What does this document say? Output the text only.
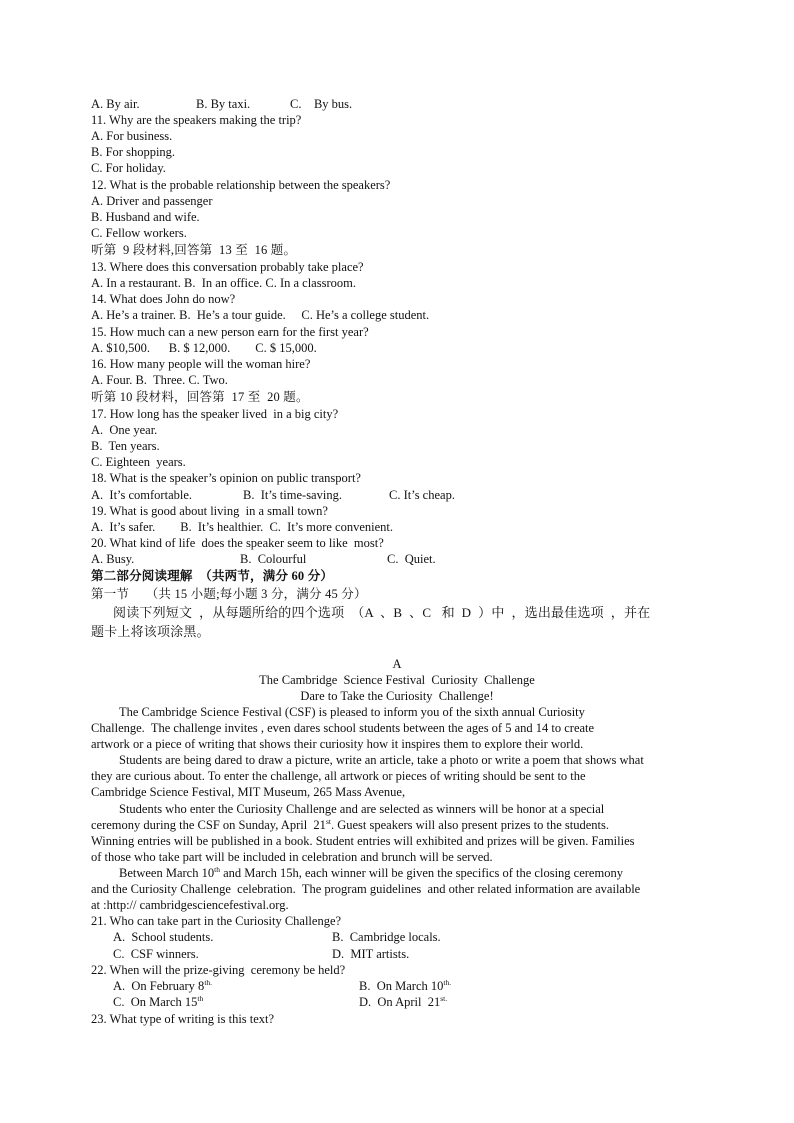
A. By air.	B. By taxi.	C.    By bus.
11. Why are the speakers making the trip?
A. For business.
B. For shopping.
C. For holiday.
12. What is the probable relationship between the speakers?
A. Driver and passenger
B. Husband and wife.
C. Fellow workers.
听第  9 段材料,回答第  13 至  16 题。
13. Where does this conversation probably take place?
A. In a restaurant. B.  In an office. C. In a classroom.
14. What does John do now?
A. He’s a trainer. B.  He’s a tour guide.     C. He’s a college student.
15. How much can a new person earn for the first year?
A. $10,500.      B. $ 12,000.        C. $ 15,000.
16. How many people will the woman hire?
A. Four. B.  Three. C. Two.
听第 10 段材料，回答第  17 至  20 题。
17. How long has the speaker lived  in a big city?
A.  One year.
B.  Ten years.
C. Eighteen  years.
18. What is the speaker’s opinion on public transport?
A.  It’s comfortable.	B.  It’s time-saving.	C. It’s cheap.
19. What is good about living  in a small town?
A.  It’s safer.        B.  It’s healthier.  C.  It’s more convenient.
20. What kind of life  does the speaker seem to like  most?
A. Busy.	B.  Colourful	C.  Quiet.
第二部分阅读理解  （共两节，满分 60 分）
第一节     （共 15 小题;每小题 3 分，满分 45 分）
阅读下列短文  ，从每题所给的四个选项  （A  、B  、C   和  D  ）中  ，选出最佳选项  ，并在
题卡上将该项涂黑。
A
The Cambridge  Science Festival  Curiosity  Challenge
Dare to Take the Curiosity  Challenge!
The Cambridge Science Festival (CSF) is pleased to inform you of the sixth annual Curiosity
Challenge.  The challenge invites , even dares school students between the ages of 5 and 14 to create
artwork or a piece of writing that shows their curiosity how it inspires them to explore their world.
Students are being dared to draw a picture, write an article, take a photo or write a poem that shows what
they are curious about. To enter the challenge, all artwork or pieces of writing should be sent to the
Cambridge Science Festival, MIT Museum, 265 Mass Avenue,
Students who enter the Curiosity Challenge and are selected as winners will be honor at a special
ceremony during the CSF on Sunday, April  21st. Guest speakers will also present prizes to the students.
Winning entries will be published in a book. Student entries will exhibited and prizes will be given. Families
of those who take part will be included in celebration and brunch will be served.
Between March 10th and March 15h, each winner will be given the specifics of the closing ceremony
and the Curiosity Challenge  celebration.  The program guidelines  and other related information are available
at :http:// cambridgesciencefestival.org.
21. Who can take part in the Curiosity Challenge?
A.  School students.	B.  Cambridge locals.
C.  CSF winners.	D.  MIT artists.
22. When will the prize-giving  ceremony be held?
A.  On February $8^{th.}$	B.  On March $10^{th.}$
C.  On March 15th	D.  On April  $21^{st.}$
23. What type of writing is this text?
